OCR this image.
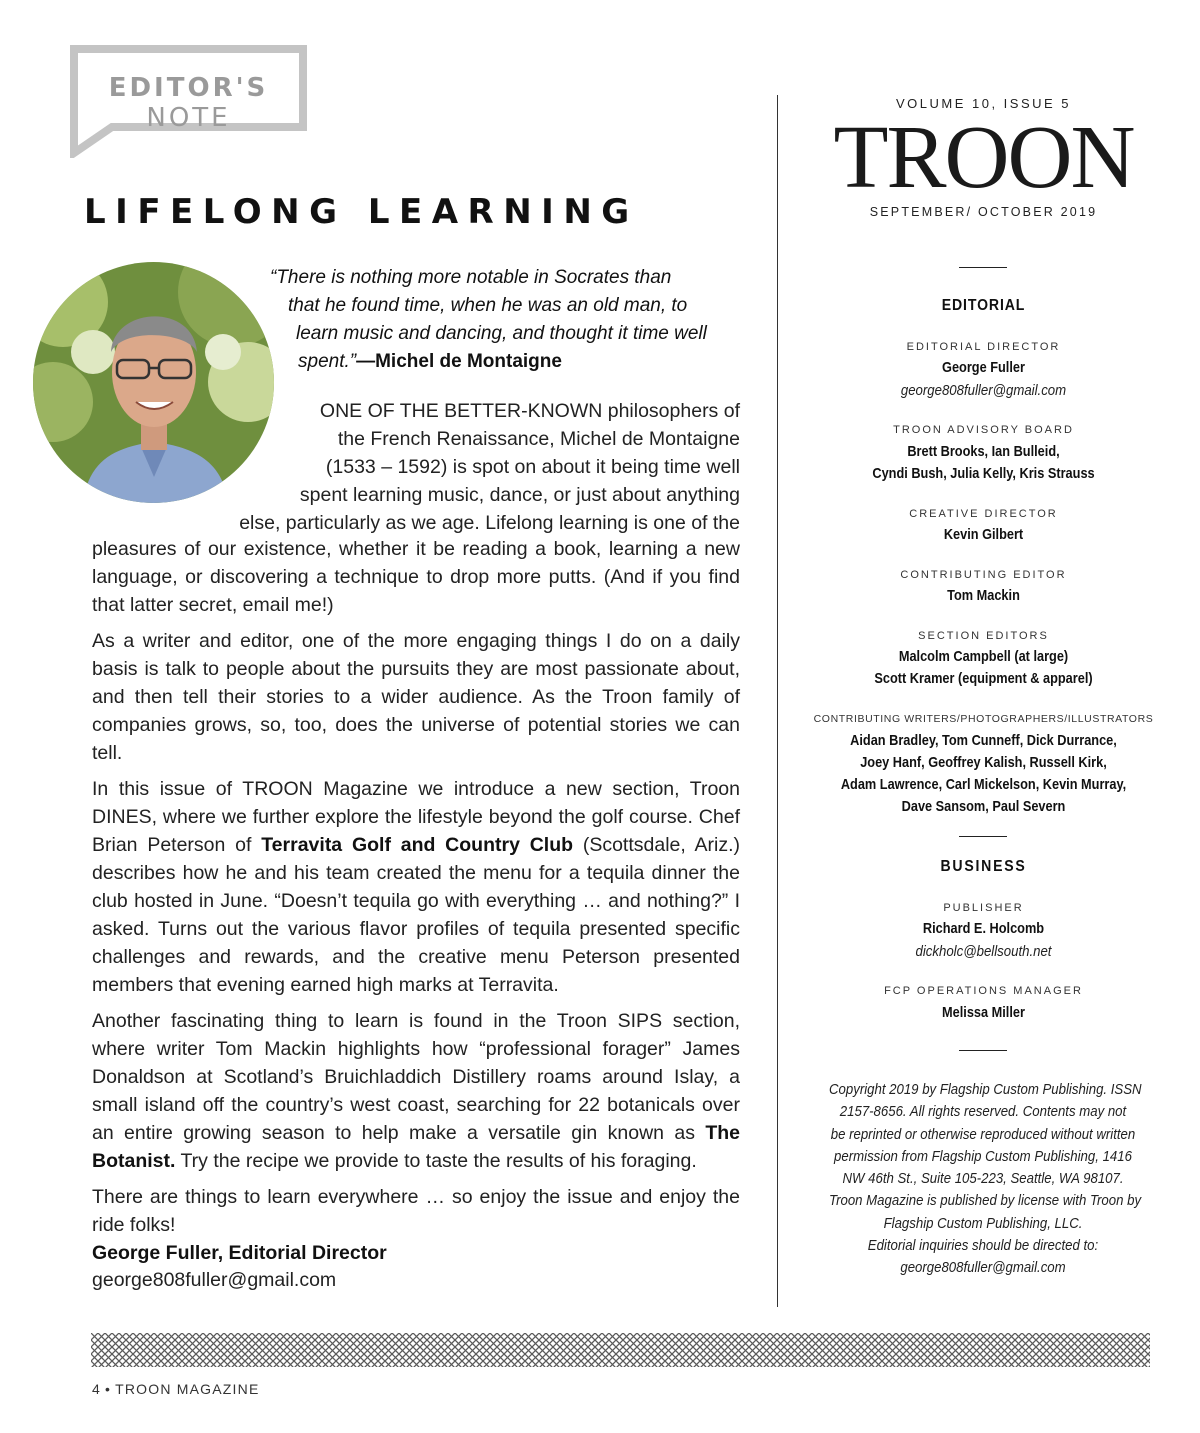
EDITOR'S NOTE
LIFELONG LEARNING
“There is nothing more notable in Socrates than
that he found time, when he was an old man, to
learn music and dancing, and thought it time well
spent.”—Michel de Montaigne
ONE OF THE BETTER-KNOWN philosophers of
the French Renaissance, Michel de Montaigne
(1533 – 1592) is spot on about it being time well
spent learning music, dance, or just about anything
else, particularly as we age. Lifelong learning is one of the

pleasures of our existence, whether it be reading a book, learning a new language, or discovering a technique to drop more putts. (And if you find that latter secret, email me!)

As a writer and editor, one of the more engaging things I do on a daily basis is talk to people about the pursuits they are most passionate about, and then tell their stories to a wider audience. As the Troon family of companies grows, so, too, does the universe of potential stories we can tell.

In this issue of TROON Magazine we introduce a new section, Troon DINES, where we further explore the lifestyle beyond the golf course. Chef Brian Peterson of Terravita Golf and Country Club (Scottsdale, Ariz.) describes how he and his team created the menu for a tequila dinner the club hosted in June. “Doesn’t tequila go with everything … and nothing?” I asked. Turns out the various flavor profiles of tequila presented specific challenges and rewards, and the creative menu Peterson presented members that evening earned high marks at Terravita.

Another fascinating thing to learn is found in the Troon SIPS section, where writer Tom Mackin highlights how “professional forager” James Donaldson at Scotland’s Bruichladdich Distillery roams around Islay, a small island off the country’s west coast, searching for 22 botanicals over an entire growing season to help make a versatile gin known as The Botanist. Try the recipe we provide to taste the results of his foraging.

There are things to learn everywhere … so enjoy the issue and enjoy the ride folks!

George Fuller, Editorial Director
george808fuller@gmail.com
VOLUME 10, ISSUE 5
TROON
SEPTEMBER/ OCTOBER 2019
EDITORIAL
EDITORIAL DIRECTOR
George Fuller
george808fuller@gmail.com
TROON ADVISORY BOARD
Brett Brooks, Ian Bulleid,
Cyndi Bush, Julia Kelly, Kris Strauss
CREATIVE DIRECTOR
Kevin Gilbert
CONTRIBUTING EDITOR
Tom Mackin
SECTION EDITORS
Malcolm Campbell (at large)
Scott Kramer (equipment & apparel)
CONTRIBUTING WRITERS/PHOTOGRAPHERS/ILLUSTRATORS
Aidan Bradley, Tom Cunneff, Dick Durrance,
Joey Hanf, Geoffrey Kalish, Russell Kirk,
Adam Lawrence, Carl Mickelson, Kevin Murray,
Dave Sansom, Paul Severn
BUSINESS
PUBLISHER
Richard E. Holcomb
dickholc@bellsouth.net
FCP OPERATIONS MANAGER
Melissa Miller
Copyright 2019 by Flagship Custom Publishing. ISSN
2157-8656. All rights reserved. Contents may not
be reprinted or otherwise reproduced without written
permission from Flagship Custom Publishing, 1416
NW 46th St., Suite 105-223, Seattle, WA 98107.
Troon Magazine is published by license with Troon by
Flagship Custom Publishing, LLC.
Editorial inquiries should be directed to:
george808fuller@gmail.com
4 • TROON MAGAZINE
